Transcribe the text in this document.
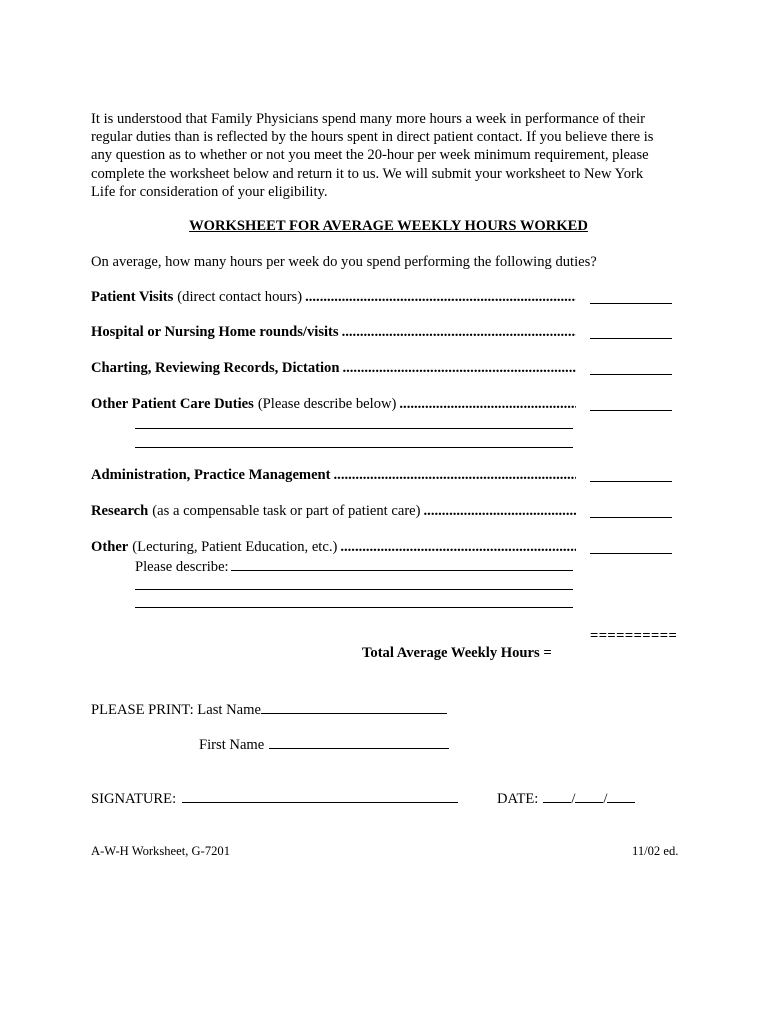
It is understood that Family Physicians spend many more hours a week in performance of their
regular duties than is reflected by the hours spent in direct patient contact. If you believe there is
any question as to whether or not you meet the 20-hour per week minimum requirement, please
complete the worksheet below and return it to us. We will submit your worksheet to New York
Life for consideration of your eligibility.
WORKSHEET FOR AVERAGE WEEKLY HOURS WORKED
On average, how many hours per week do you spend performing the following duties?
Patient Visits (direct contact hours)
.....
Hospital or Nursing Home rounds/visits
.....
Charting, Reviewing Records, Dictation
.....
Other Patient Care Duties (Please describe below)
.....
Administration, Practice Management
.....
Research (as a compensable task or part of patient care)
.....
Other (Lecturing, Patient Education, etc.)
.....
Please describe:
==========
Total Average Weekly Hours =
PLEASE PRINT: Last Name
First Name
SIGNATURE:	DATE: / /
A-W-H Worksheet, G-7201	11/02 ed.
